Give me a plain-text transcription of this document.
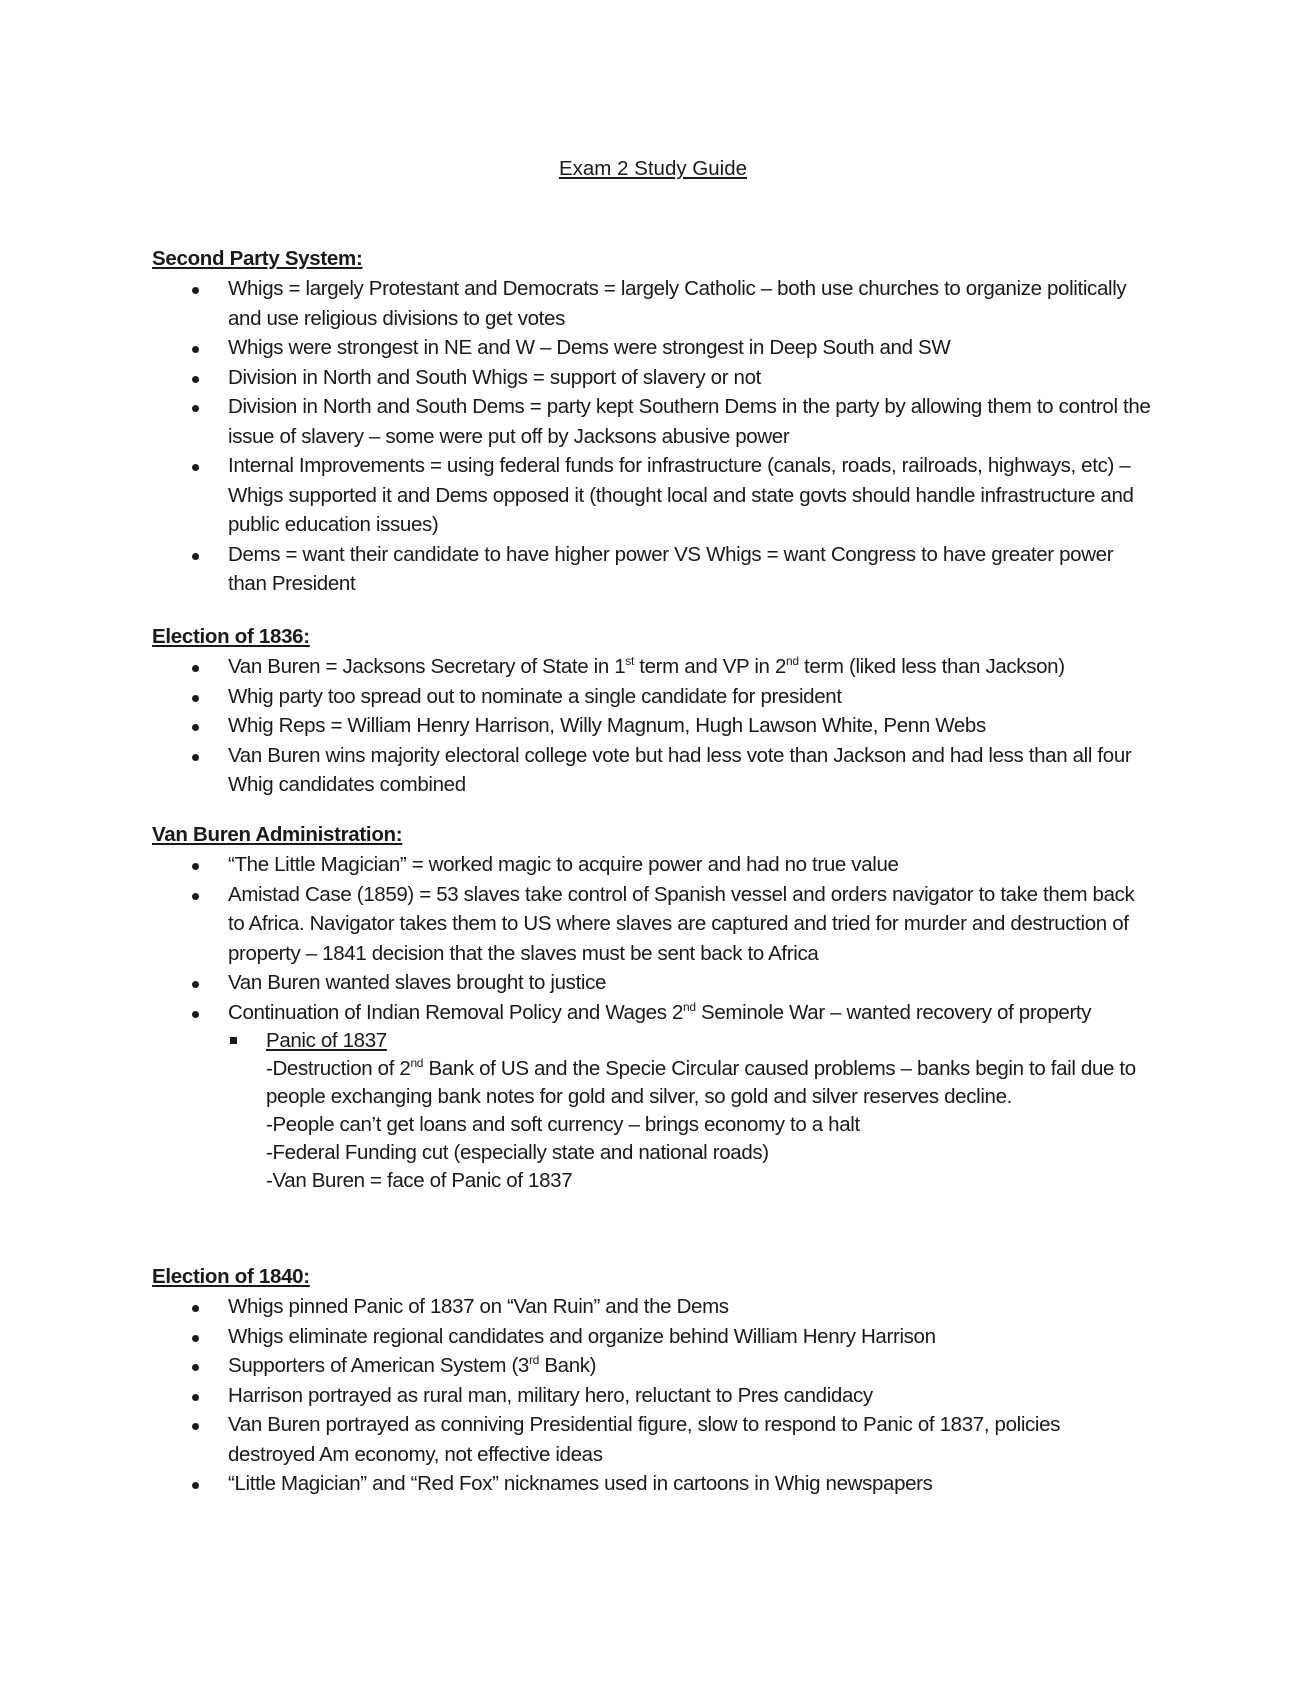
Exam 2 Study Guide
Second Party System:
Whigs = largely Protestant and Democrats = largely Catholic – both use churches to organize politically and use religious divisions to get votes
Whigs were strongest in NE and W – Dems were strongest in Deep South and SW
Division in North and South Whigs = support of slavery or not
Division in North and South Dems = party kept Southern Dems in the party by allowing them to control the issue of slavery – some were put off by Jacksons abusive power
Internal Improvements = using federal funds for infrastructure (canals, roads, railroads, highways, etc) – Whigs supported it and Dems opposed it (thought local and state govts should handle infrastructure and public education issues)
Dems = want their candidate to have higher power VS Whigs = want Congress to have greater power than President
Election of 1836:
Van Buren = Jacksons Secretary of State in 1st term and VP in 2nd term (liked less than Jackson)
Whig party too spread out to nominate a single candidate for president
Whig Reps = William Henry Harrison, Willy Magnum, Hugh Lawson White, Penn Webs
Van Buren wins majority electoral college vote but had less vote than Jackson and had less than all four Whig candidates combined
Van Buren Administration:
“The Little Magician” = worked magic to acquire power and had no true value
Amistad Case (1859) = 53 slaves take control of Spanish vessel and orders navigator to take them back to Africa. Navigator takes them to US where slaves are captured and tried for murder and destruction of property – 1841 decision that the slaves must be sent back to Africa
Van Buren wanted slaves brought to justice
Continuation of Indian Removal Policy and Wages 2nd Seminole War – wanted recovery of property
Panic of 1837
-Destruction of 2nd Bank of US and the Specie Circular caused problems – banks begin to fail due to people exchanging bank notes for gold and silver, so gold and silver reserves decline.
-People can’t get loans and soft currency – brings economy to a halt
-Federal Funding cut (especially state and national roads)
-Van Buren = face of Panic of 1837
Election of 1840:
Whigs pinned Panic of 1837 on “Van Ruin” and the Dems
Whigs eliminate regional candidates and organize behind William Henry Harrison
Supporters of American System (3rd Bank)
Harrison portrayed as rural man, military hero, reluctant to Pres candidacy
Van Buren portrayed as conniving Presidential figure, slow to respond to Panic of 1837, policies destroyed Am economy, not effective ideas
“Little Magician” and “Red Fox” nicknames used in cartoons in Whig newspapers
